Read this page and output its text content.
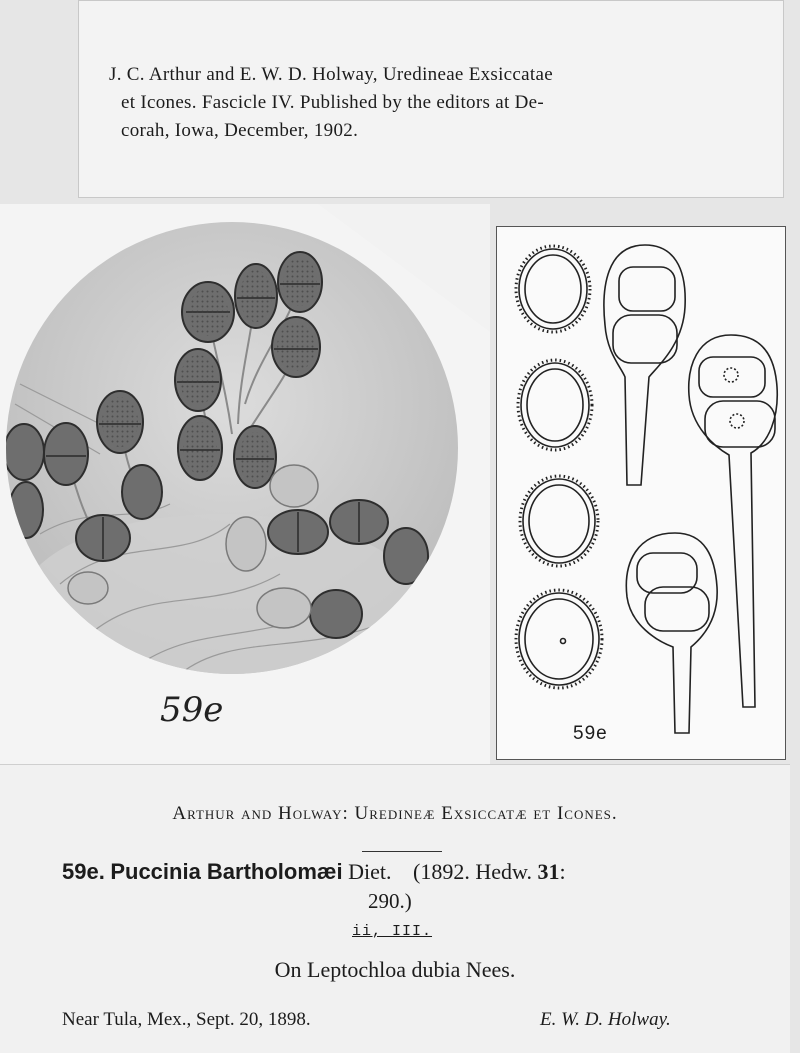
J. C. Arthur and E. W. D. Holway, Uredineae Exsiccatae
et Icones. Fascicle IV. Published by the editors at De-
corah, Iowa, December, 1902.
59e
59e
Arthur and Holway: Uredineæ Exsiccatæ et Icones.
59e. Puccinia Bartholomæi Diet. (1892. Hedw. 31:
290.)
ii, III.
On Leptochloa dubia Nees.
Near Tula, Mex., Sept. 20, 1898.	E. W. D. Holway.
